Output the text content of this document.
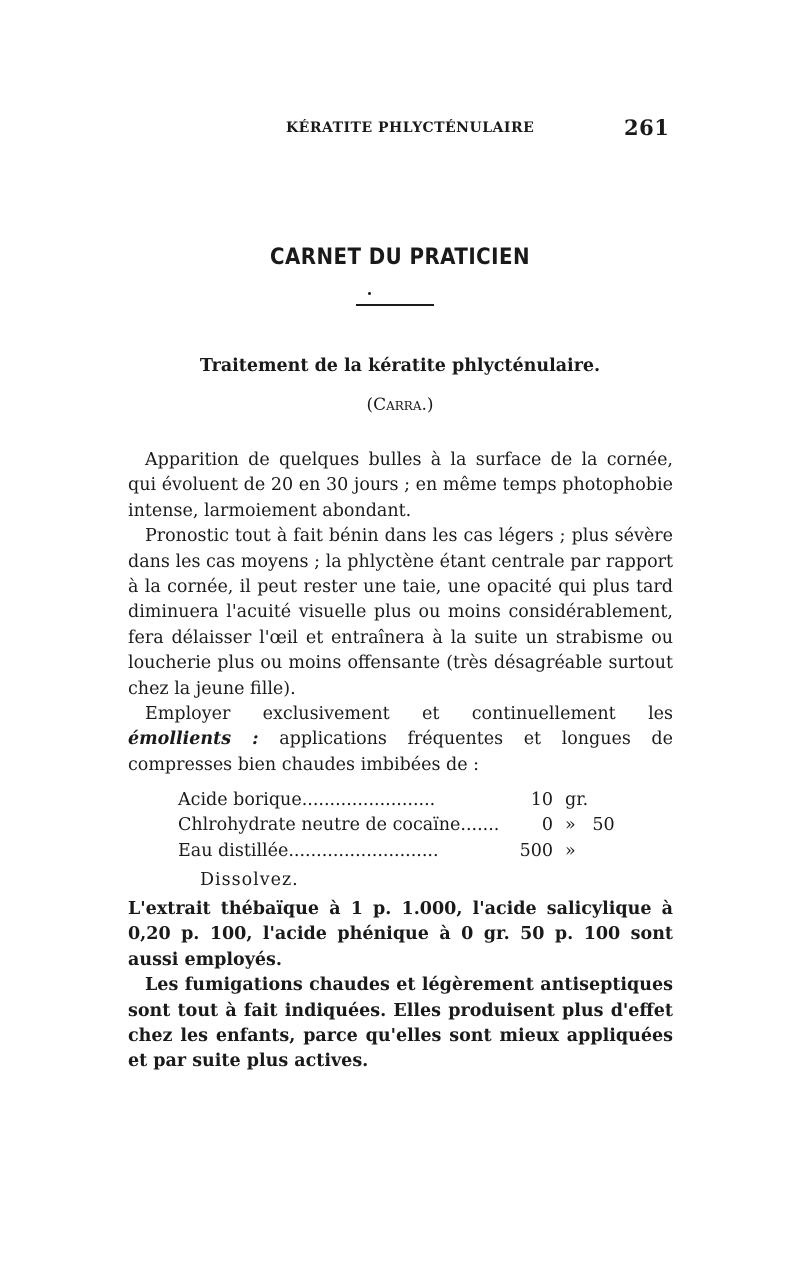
KÉRATITE PHLYCTÉNULAIRE	261
CARNET DU PRATICIEN
Traitement de la kératite phlycténulaire.
(Carra.)

Apparition de quelques bulles à la surface de la cornée, qui évoluent de 20 en 30 jours ; en même temps photophobie intense, larmoiement abondant.

Pronostic tout à fait bénin dans les cas légers ; plus sévère dans les cas moyens ; la phlyctène étant centrale par rapport à la cornée, il peut rester une taie, une opacité qui plus tard diminuera l'acuité visuelle plus ou moins considérablement, fera délaisser l'œil et entraînera à la suite un strabisme ou loucherie plus ou moins offensante (très désagréable surtout chez la jeune fille).

Employer exclusivement et continuellement les émollients : applications fréquentes et longues de compresses bien chaudes imbibées de :

Acide borique........................	10 gr.
Chlrohydrate neutre de cocaïne.......	0 »   50
Eau distillée...........................	500 »
Dissolvez.

L'extrait thébaïque à 1 p. 1.000, l'acide salicylique à 0,20 p. 100, l'acide phénique à 0 gr. 50 p. 100 sont aussi employés.

Les fumigations chaudes et légèrement antiseptiques sont tout à fait indiquées. Elles produisent plus d'effet chez les enfants, parce qu'elles sont mieux appliquées et par suite plus actives.
